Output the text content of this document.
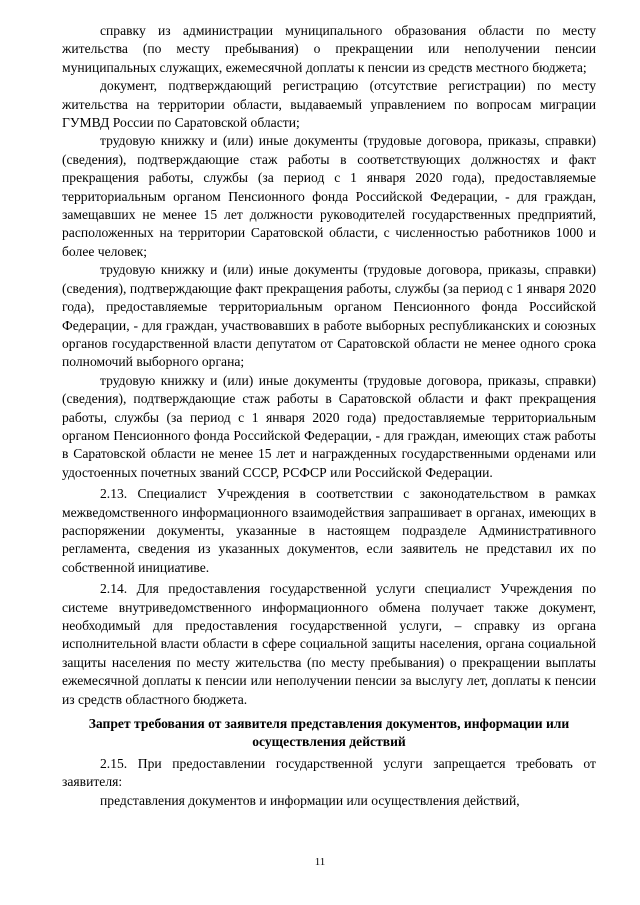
справку из администрации муниципального образования области по месту жительства (по месту пребывания) о прекращении или неполучении пенсии муниципальных служащих, ежемесячной доплаты к пенсии из средств местного бюджета;

документ, подтверждающий регистрацию (отсутствие регистрации) по месту жительства на территории области, выдаваемый управлением по вопросам миграции ГУМВД России по Саратовской области;

трудовую книжку и (или) иные документы (трудовые договора, приказы, справки) (сведения), подтверждающие стаж работы в соответствующих должностях и факт прекращения работы, службы (за период с 1 января 2020 года), предоставляемые территориальным органом Пенсионного фонда Российской Федерации, - для граждан, замещавших не менее 15 лет должности руководителей государственных предприятий, расположенных на территории Саратовской области, с численностью работников 1000 и более человек;

трудовую книжку и (или) иные документы (трудовые договора, приказы, справки) (сведения), подтверждающие факт прекращения работы, службы (за период с 1 января 2020 года), предоставляемые территориальным органом Пенсионного фонда Российской Федерации, - для граждан, участвовавших в работе выборных республиканских и союзных органов государственной власти депутатом от Саратовской области не менее одного срока полномочий выборного органа;

трудовую книжку и (или) иные документы (трудовые договора, приказы, справки) (сведения), подтверждающие стаж работы в Саратовской области и факт прекращения работы, службы (за период с 1 января 2020 года) предоставляемые территориальным органом Пенсионного фонда Российской Федерации, - для граждан, имеющих стаж работы в Саратовской области не менее 15 лет и награжденных государственными орденами или удостоенных почетных званий СССР, РСФСР или Российской Федерации.

2.13. Специалист Учреждения в соответствии с законодательством в рамках межведомственного информационного взаимодействия запрашивает в органах, имеющих в распоряжении документы, указанные в настоящем подразделе Административного регламента, сведения из указанных документов, если заявитель не представил их по собственной инициативе.

2.14. Для предоставления государственной услуги специалист Учреждения по системе внутриведомственного информационного обмена получает также документ, необходимый для предоставления государственной услуги, – справку из органа исполнительной власти области в сфере социальной защиты населения, органа социальной защиты населения по месту жительства (по месту пребывания) о прекращении выплаты ежемесячной доплаты к пенсии или неполучении пенсии за выслугу лет, доплаты к пенсии из средств областного бюджета.

Запрет требования от заявителя представления документов, информации или осуществления действий

2.15. При предоставлении государственной услуги запрещается требовать от заявителя:

представления документов и информации или осуществления действий,

11
